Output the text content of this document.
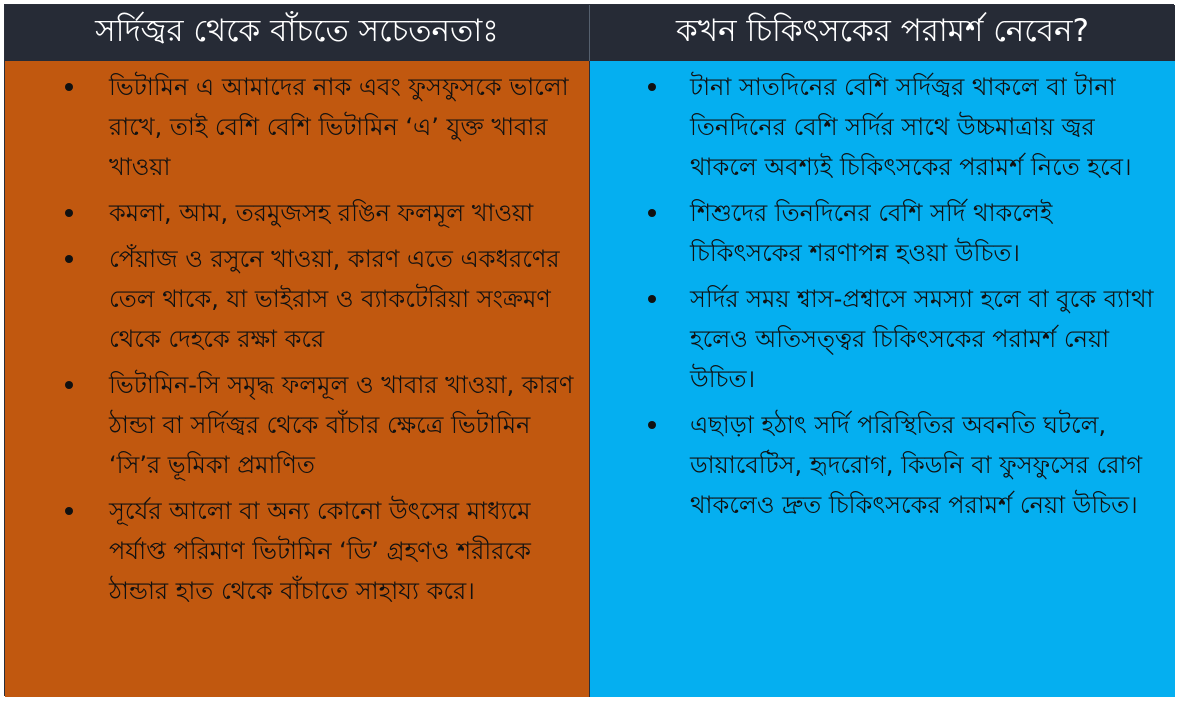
সর্দিজ্বর থেকে বাঁচতে সচেতনতাঃ	কখন চিকিৎসকের পরামর্শ নেবেন?
ভিটামিন এ আমাদের নাক এবং ফুসফুসকে ভালো রাখে, তাই বেশি বেশি ভিটামিন ‘এ’ যুক্ত খাবার খাওয়া
কমলা, আম, তরমুজসহ রঙিন ফলমূল খাওয়া
পেঁয়াজ ও রসুনে খাওয়া, কারণ এতে একধরণের তেল থাকে, যা ভাইরাস ও ব্যাকটেরিয়া সংক্রমণ থেকে দেহকে রক্ষা করে
ভিটামিন-সি সমৃদ্ধ ফলমূল ও খাবার খাওয়া, কারণ ঠান্ডা বা সর্দিজ্বর থেকে বাঁচার ক্ষেত্রে ভিটামিন ‘সি’র ভূমিকা প্রমাণিত
সূর্যের আলো বা অন্য কোনো উৎসের মাধ্যমে পর্যাপ্ত পরিমাণ ভিটামিন ‘ডি’ গ্রহণও শরীরকে ঠান্ডার হাত থেকে বাঁচাতে সাহায্য করে।
টানা সাতদিনের বেশি সর্দিজ্বর থাকলে বা টানা তিনদিনের বেশি সর্দির সাথে উচ্চমাত্রায় জ্বর থাকলে অবশ্যই চিকিৎসকের পরামর্শ নিতে হবে।
শিশুদের তিনদিনের বেশি সর্দি থাকলেই চিকিৎসকের শরণাপন্ন হওয়া উচিত।
সর্দির সময় শ্বাস-প্রশ্বাসে সমস্যা হলে বা বুকে ব্যাথা হলেও অতিসত্ত্বর চিকিৎসকের পরামর্শ নেয়া উচিত।
এছাড়া হঠাৎ সর্দি পরিস্থিতির অবনতি ঘটলে, ডায়াবেটিস, হৃদরোগ, কিডনি বা ফুসফুসের রোগ থাকলেও দ্রুত চিকিৎসকের পরামর্শ নেয়া উচিত।
